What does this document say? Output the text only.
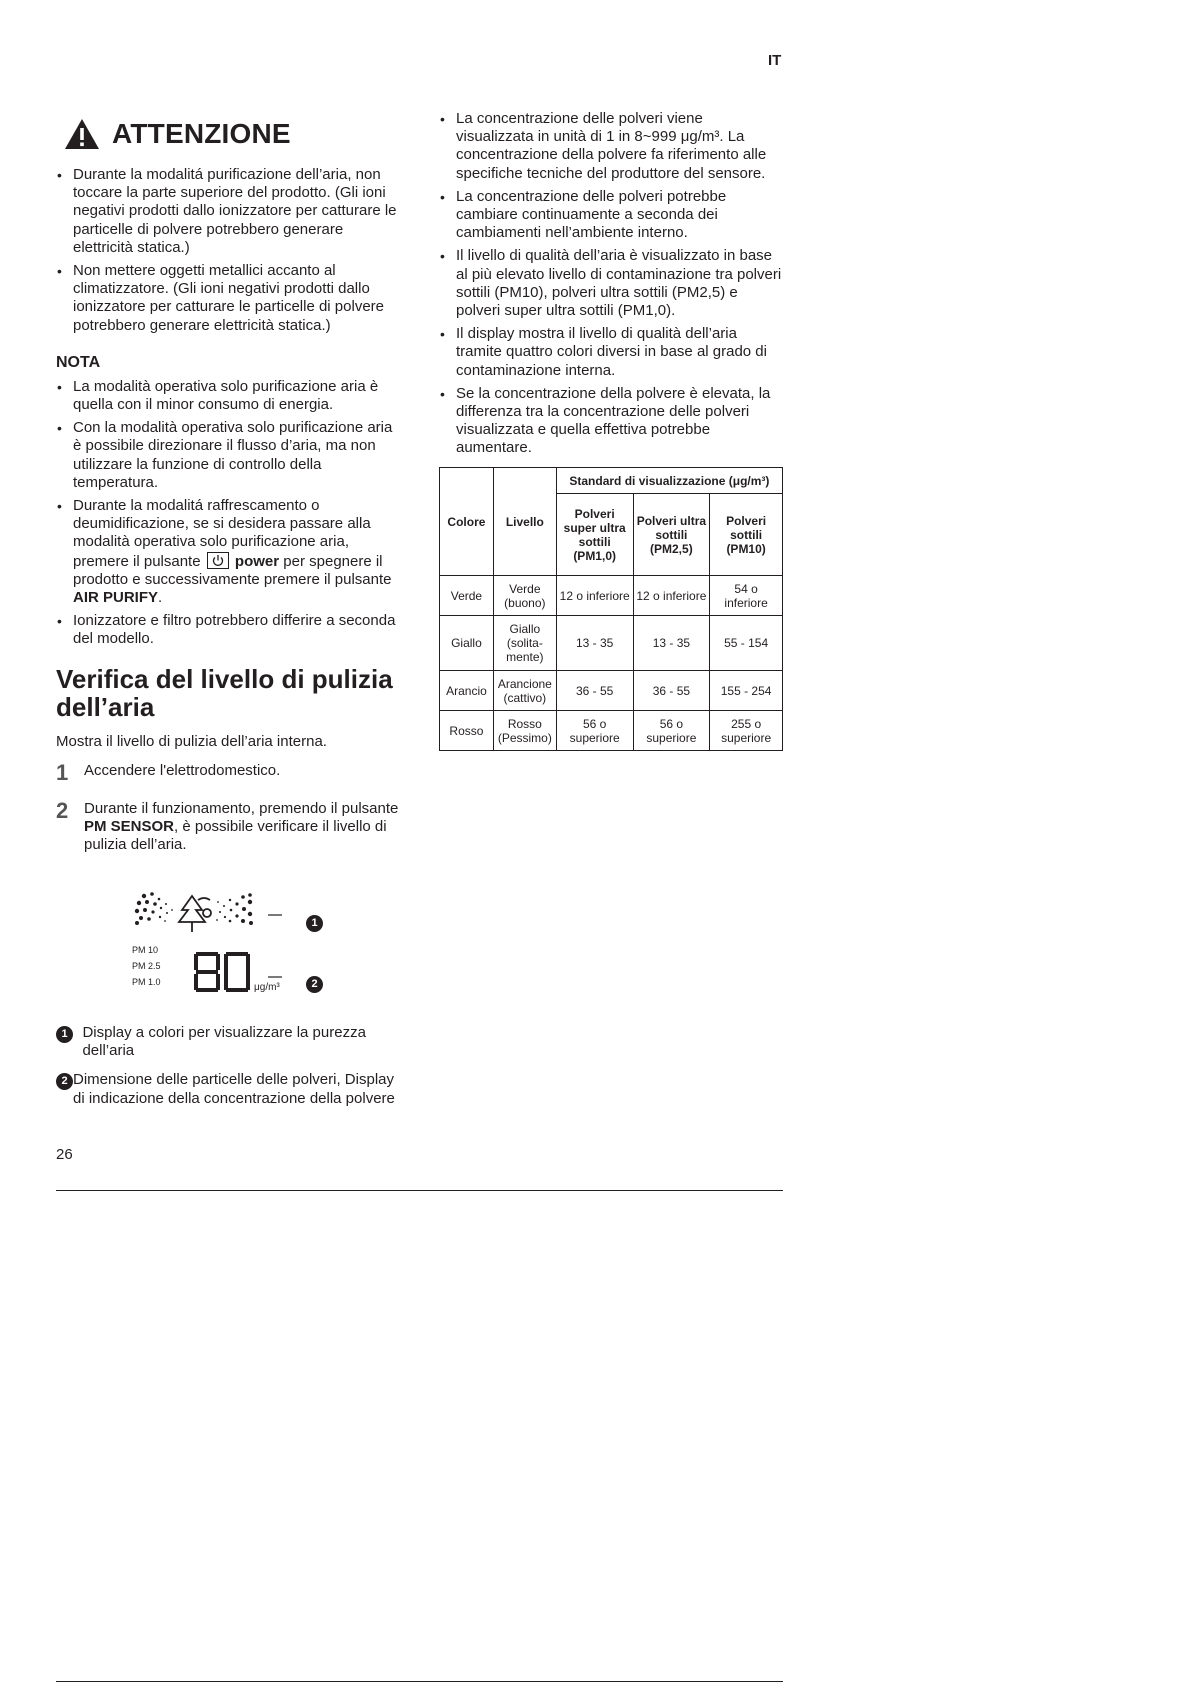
IT
ATTENZIONE
• Durante la modalitá purificazione dell’aria, non toccare la parte superiore del prodotto. (Gli ioni negativi prodotti dallo ionizzatore per catturare le particelle di polvere potrebbero generare elettricità statica.)
• Non mettere oggetti metallici accanto al climatizzatore. (Gli ioni negativi prodotti dallo ionizzatore per catturare le particelle di polvere potrebbero generare elettricità statica.)
NOTA
• La modalità operativa solo purificazione aria è quella con il minor consumo di energia.
• Con la modalità operativa solo purificazione aria è possibile direzionare il flusso d’aria, ma non utilizzare la funzione di controllo della temperatura.
• Durante la modalitá raffrescamento o deumidificazione, se si desidera passare alla modalità operativa solo purificazione aria, premere il pulsante power per spegnere il prodotto e successivamente premere il pulsante AIR PURIFY.
• Ionizzatore e filtro potrebbero differire a seconda del modello.
Verifica del livello di pulizia dell’aria
Mostra il livello di pulizia dell’aria interna.
1	Accendere l'elettrodomestico.
2	Durante il funzionamento, premendo il pulsante PM SENSOR, è possibile verificare il livello di pulizia dell’aria.
PM 10
PM 2.5
PM 1.0	μg/m³
1
2
1 Display a colori per visualizzare la purezza dell’aria
2 Dimensione delle particelle delle polveri, Display di indicazione della concentrazione della polvere
• La concentrazione delle polveri viene visualizzata in unità di 1 in 8~999 μg/m³. La concentrazione della polvere fa riferimento alle specifiche tecniche del produttore del sensore.
• La concentrazione delle polveri potrebbe cambiare continuamente a seconda dei cambiamenti nell’ambiente interno.
• Il livello di qualità dell’aria è visualizzato in base al più elevato livello di contaminazione tra polveri sottili (PM10), polveri ultra sottili (PM2,5) e polveri super ultra sottili (PM1,0).
• Il display mostra il livello di qualità dell’aria tramite quattro colori diversi in base al grado di contaminazione interna.
• Se la concentrazione della polvere è elevata, la differenza tra la concentrazione delle polveri visualizzata e quella effettiva potrebbe aumentare.
Colore	Livello	Standard di visualizzazione (μg/m³)		
		Polveri super ultra sottili (PM1,0)	Polveri ultra sottili (PM2,5)	Polveri sottili (PM10)
Verde	Verde (buono)	12 o inferiore	12 o inferiore	54 o inferiore
Giallo	Giallo (solita-mente)	13 - 35	13 - 35	55 - 154
Arancio	Arancione (cattivo)	36 - 55	36 - 55	155 - 254
Rosso	Rosso (Pessimo)	56 o superiore	56 o superiore	255 o superiore
26
